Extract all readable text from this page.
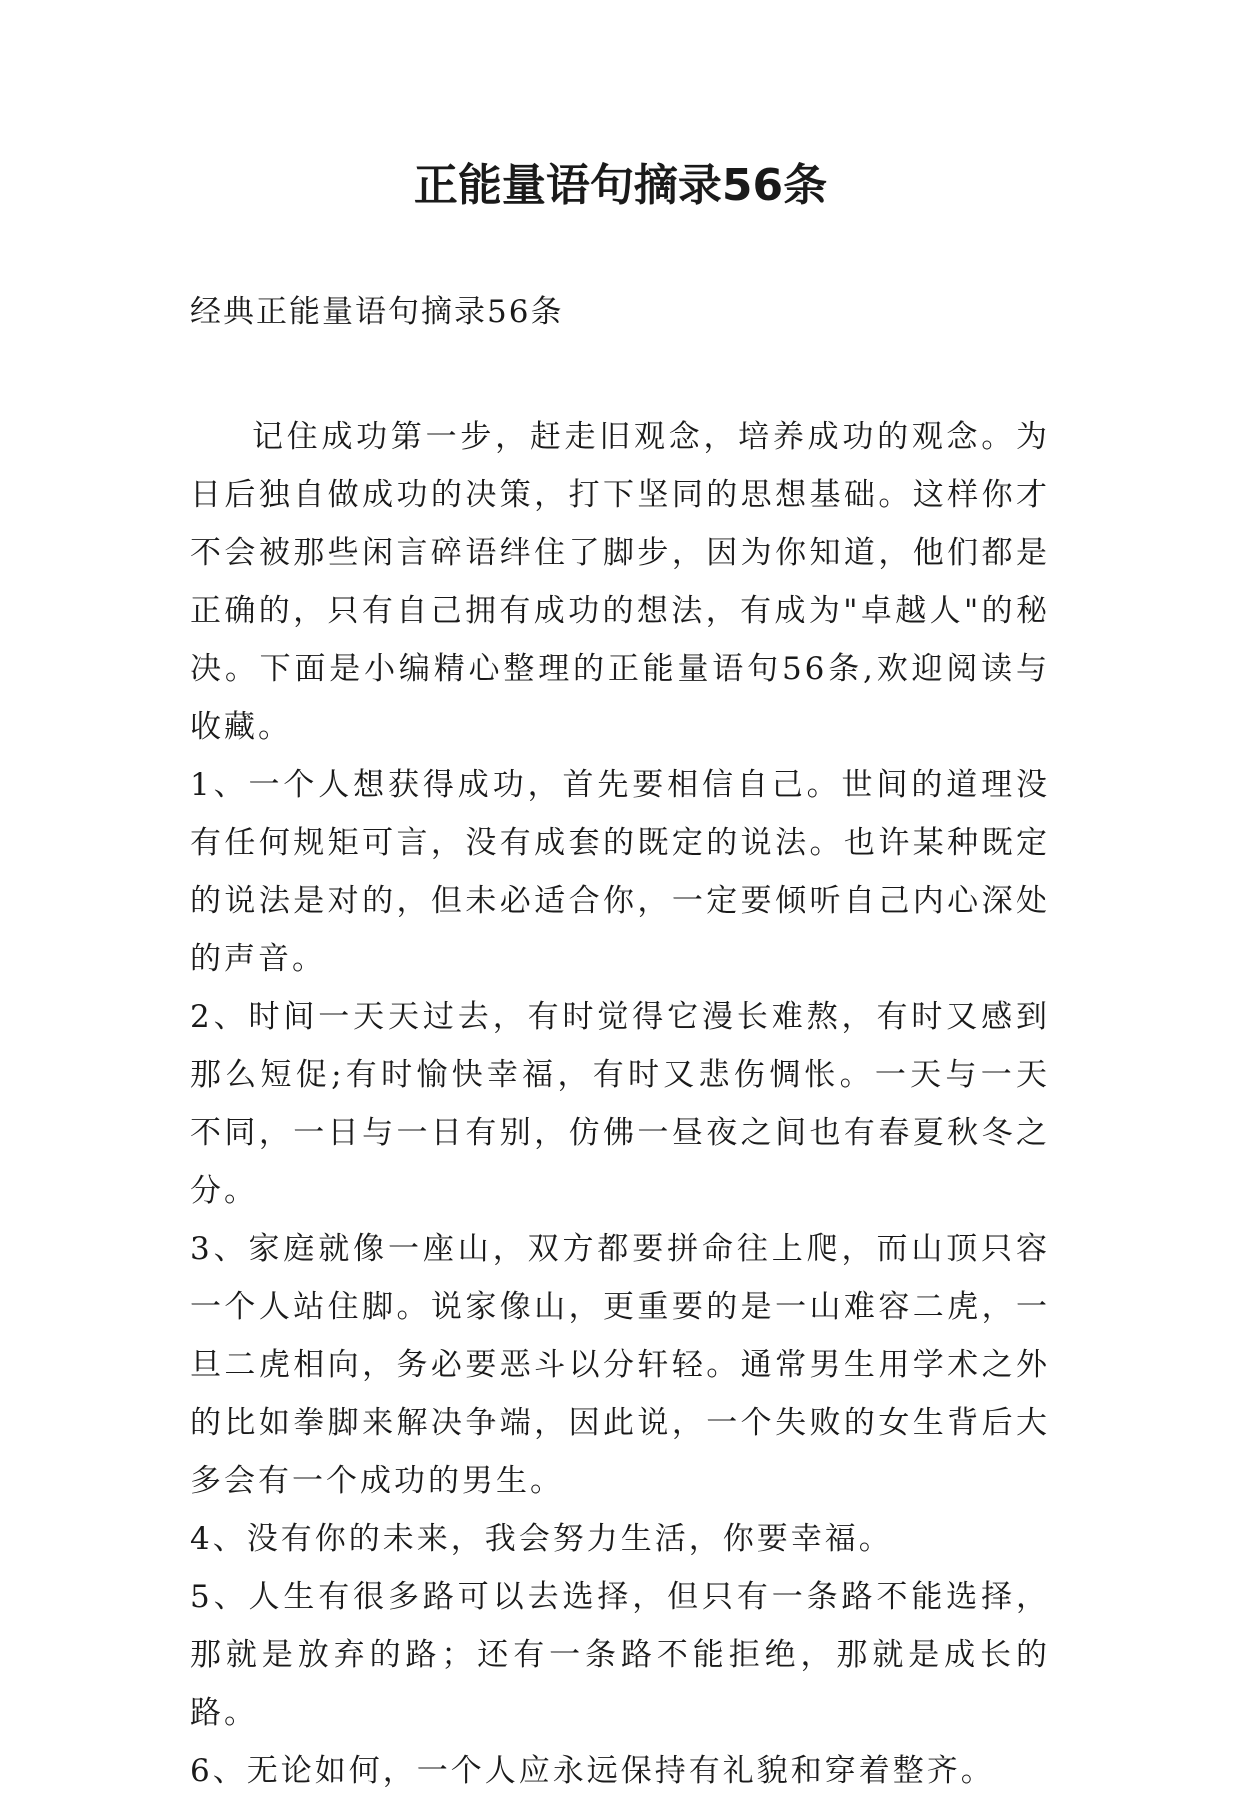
正能量语句摘录56条
经典正能量语句摘录56条

记住成功第一步，赶走旧观念，培养成功的观念。为日后独自做成功的决策，打下坚同的思想基础。这样你才不会被那些闲言碎语绊住了脚步，因为你知道，他们都是正确的，只有自己拥有成功的想法，有成为"卓越人"的秘决。下面是小编精心整理的正能量语句56条,欢迎阅读与收藏。

1、一个人想获得成功，首先要相信自己。世间的道理没有任何规矩可言，没有成套的既定的说法。也许某种既定的说法是对的，但未必适合你，一定要倾听自己内心深处的声音。

2、时间一天天过去，有时觉得它漫长难熬，有时又感到那么短促;有时愉快幸福，有时又悲伤惆怅。一天与一天不同，一日与一日有别，仿佛一昼夜之间也有春夏秋冬之分。

3、家庭就像一座山，双方都要拼命往上爬，而山顶只容一个人站住脚。说家像山，更重要的是一山难容二虎，一旦二虎相向，务必要恶斗以分轩轻。通常男生用学术之外的比如拳脚来解决争端，因此说，一个失败的女生背后大多会有一个成功的男生。

4、没有你的未来，我会努力生活，你要幸福。

5、人生有很多路可以去选择，但只有一条路不能选择，那就是放弃的路；还有一条路不能拒绝，那就是成长的路。

6、无论如何，一个人应永远保持有礼貌和穿着整齐。
